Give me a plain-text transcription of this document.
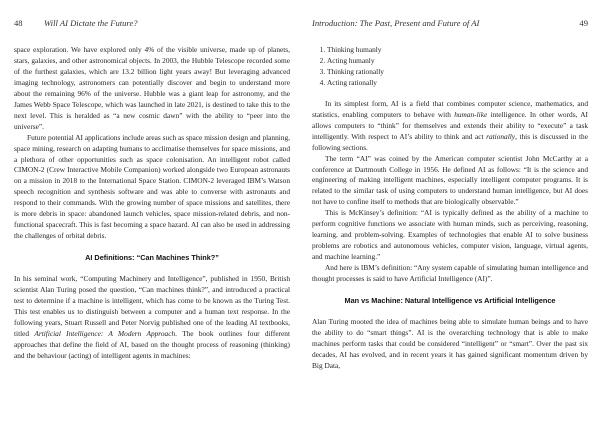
48 Will AI Dictate the Future?

space exploration. We have explored only 4% of the visible universe, made up of planets, stars, galaxies, and other astronomical objects. In 2003, the Hubble Telescope recorded some of the furthest galaxies, which are 13.2 billion light years away! But leveraging advanced imaging technology, astronomers can potentially discover and begin to understand more about the remaining 96% of the universe. Hubble was a giant leap for astronomy, and the James Webb Space Telescope, which was launched in late 2021, is destined to take this to the next level. This is heralded as “a new cosmic dawn” with the ability to “peer into the universe”.

Future potential AI applications include areas such as space mission design and planning, space mining, research on adapting humans to acclimatise themselves for space missions, and a plethora of other opportunities such as space colonisation. An intelligent robot called CIMON-2 (Crew Interactive Mobile Companion) worked alongside two European astronauts on a mission in 2018 to the International Space Station. CIMON-2 leveraged IBM’s Watson speech recognition and synthesis software and was able to converse with astronauts and respond to their commands. With the growing number of space missions and satellites, there is more debris in space: abandoned launch vehicles, space mission-related debris, and non-functional spacecraft. This is fast becoming a space hazard. AI can also be used in addressing the challenges of orbital debris.

AI Definitions: “Can Machines Think?”

In his seminal work, “Computing Machinery and Intelligence”, published in 1950, British scientist Alan Turing posed the question, “Can machines think?”, and introduced a practical test to determine if a machine is intelligent, which has come to be known as the Turing Test. This test enables us to distinguish between a computer and a human text response. In the following years, Stuart Russell and Peter Norvig published one of the leading AI textbooks, titled Artificial Intelligence: A Modern Approach. The book outlines four different approaches that define the field of AI, based on the thought process of reasoning (thinking) and the behaviour (acting) of intelligent agents in machines:

Introduction: The Past, Present and Future of AI	49
1. Thinking humanly
2. Acting humanly
3. Thinking rationally
4. Acting rationally

In its simplest form, AI is a field that combines computer science, mathematics, and statistics, enabling computers to behave with human-like intelligence. In other words, AI allows computers to “think” for themselves and extends their ability to “execute” a task intelligently. With respect to AI’s ability to think and act rationally, this is discussed in the following sections.

The term “AI” was coined by the American computer scientist John McCarthy at a conference at Dartmouth College in 1956. He defined AI as follows: “It is the science and engineering of making intelligent machines, especially intelligent computer programs. It is related to the similar task of using computers to understand human intelligence, but AI does not have to confine itself to methods that are biologically observable.”

This is McKinsey’s definition: “AI is typically defined as the ability of a machine to perform cognitive functions we associate with human minds, such as perceiving, reasoning, learning, and problem-solving. Examples of technologies that enable AI to solve business problems are robotics and autonomous vehicles, computer vision, language, virtual agents, and machine learning.”

And here is IBM’s definition: “Any system capable of simulating human intelligence and thought processes is said to have Artificial Intelligence (AI)”.

Man vs Machine: Natural Intelligence vs Artificial Intelligence

Alan Turing mooted the idea of machines being able to simulate human beings and to have the ability to do “smart things”. AI is the overarching technology that is able to make machines perform tasks that could be considered “intelligent” or “smart”. Over the past six decades, AI has evolved, and in recent years it has gained significant momentum driven by Big Data,
